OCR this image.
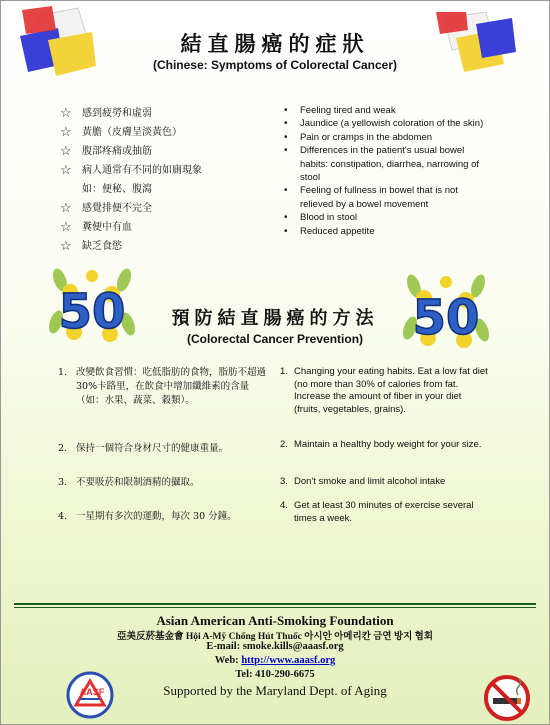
結直腸癌的症狀
(Chinese: Symptoms of Colorectal Cancer)
☆ 感到疲勞和虛弱
☆ 黃膽（皮膚呈淡黃色）
☆ 腹部疼痛或抽筋
☆ 病人通常有不同的如廁現象
如：便秘、腹瀉
☆ 感覺排便不完全
☆ 糞便中有血
☆ 缺乏食慾
• Feeling tired and weak
• Jaundice (a yellowish coloration of the skin)
• Pain or cramps in the abdomen
• Differences in the patient's usual bowel habits: constipation, diarrhea, narrowing of stool
• Feeling of fullness in bowel that is not relieved by a bowel movement
• Blood in stool
• Reduced appetite
50	50
預防結直腸癌的方法
(Colorectal Cancer Prevention)
1. 改變飲食習慣：吃低脂肪的食物，脂肪不超過30%卡路里，在飲食中增加纖維素的含量（如：水果、蔬菜、穀類）。
2. 保持一個符合身材尺寸的健康重量。
3. 不要吸菸和限制酒精的攝取。
4. 一星期有多次的運動，每次 30 分鐘。
1. Changing your eating habits. Eat a low fat diet (no more than 30% of calories from fat. Increase the amount of fiber in your diet (fruits, vegetables, grains).
2. Maintain a healthy body weight for your size.
3. Don't smoke and limit alcohol intake
4. Get at least 30 minutes of exercise several times a week.
Asian American Anti-Smoking Foundation
亞美反菸基金會 Hội A-Mỹ Chống Hút Thuốc 아시안 아메리칸 금연 방지 협회
E-mail: smoke.kills@aaasf.org
Web: http://www.aaasf.org
Tel: 410-290-6675
Supported by the Maryland Dept. of Aging
AASF
